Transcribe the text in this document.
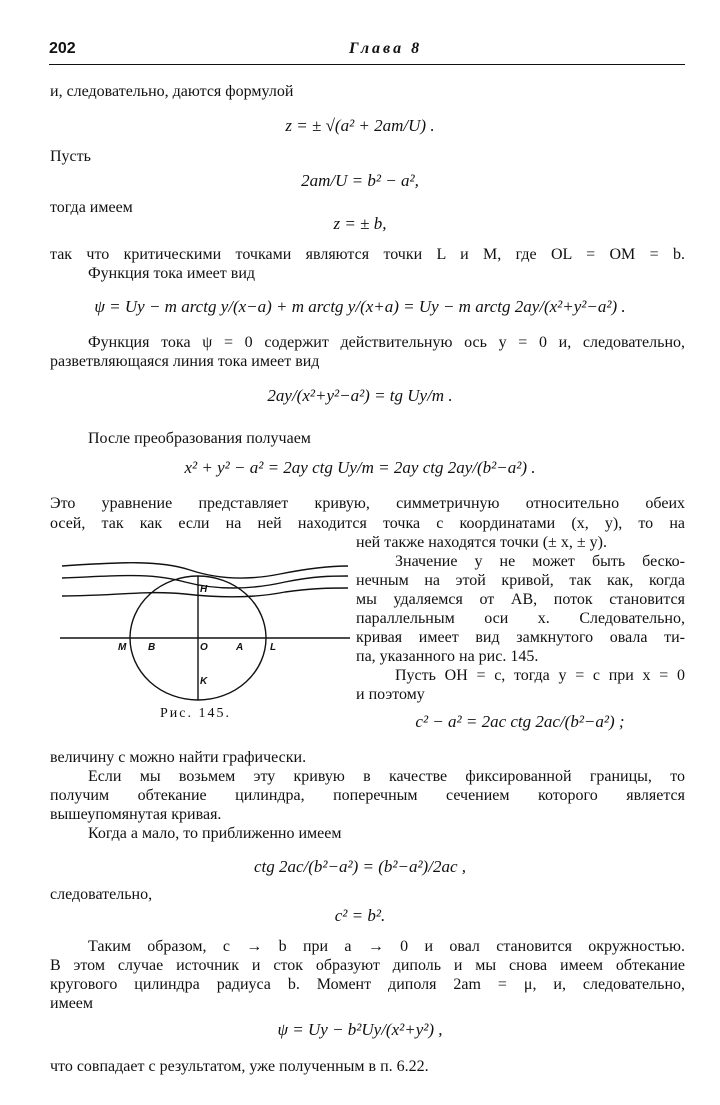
202	Глава 8
и, следовательно, даются формулой
z = ± √(a² + 2am/U) .
Пусть
2am/U = b² − a²,
тогда имеем
z = ± b,
так что критическими точками являются точки L и M, где OL = OM = b.
Функция тока имеет вид
ψ = Uy − m arctg y/(x−a) + m arctg y/(x+a) = Uy − m arctg 2ay/(x²+y²−a²) .
Функция тока ψ = 0 содержит действительную ось y = 0 и, следовательно,
разветвляющаяся линия тока имеет вид
2ay/(x²+y²−a²) = tg Uy/m .
После преобразования получаем
x² + y² − a² = 2ay ctg Uy/m = 2ay ctg 2ay/(b²−a²) .
Это уравнение представляет кривую, симметричную относительно обеих
осей, так как если на ней находится точка с координатами (x, y), то на
ней также находятся точки (± x, ± y).
Значение y не может быть беско-
нечным на этой кривой, так как, когда
мы удаляемся от AB, поток становится
параллельным оси x. Следовательно,
кривая имеет вид замкнутого овала ти-
па, указанного на рис. 145.
Пусть OH = c, тогда y = c при x = 0
и поэтому
c² − a² = 2ac ctg 2ac/(b²−a²) ;
H
K
M B	O	A	L
Рис. 145.
величину c можно найти графически.
Если мы возьмем эту кривую в качестве фиксированной границы, то
получим обтекание цилиндра, поперечным сечением которого является
вышеупомянутая кривая.
Когда a мало, то приближенно имеем
ctg 2ac/(b²−a²) = (b²−a²)/2ac ,
следовательно,
c² = b².
Таким образом, c → b при a → 0 и овал становится окружностью.
В этом случае источник и сток образуют диполь и мы снова имеем обтекание
кругового цилиндра радиуса b. Момент диполя 2am = μ, и, следовательно,
имеем
ψ = Uy − b²Uy/(x²+y²) ,
что совпадает с результатом, уже полученным в п. 6.22.
